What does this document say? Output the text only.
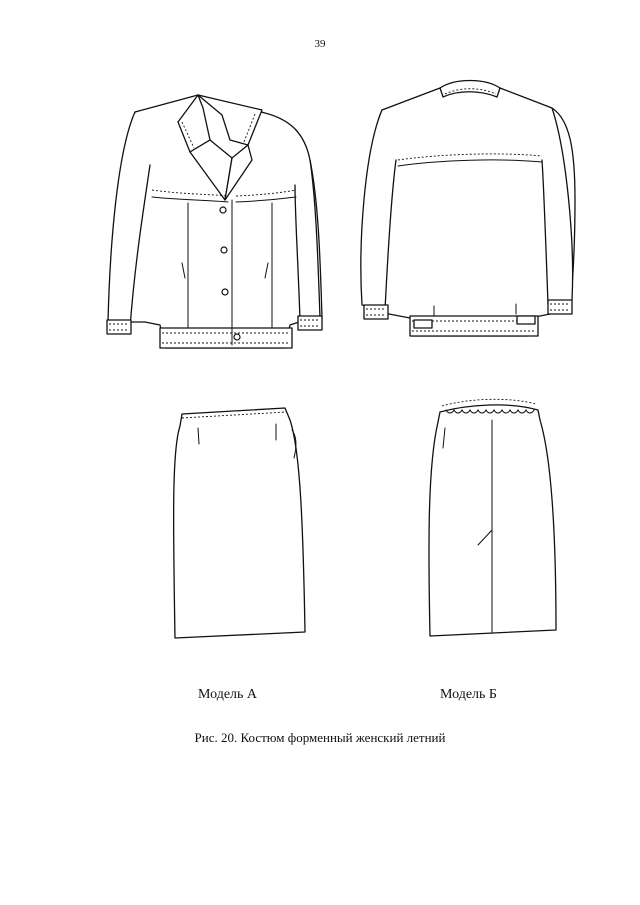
39
Модель А	Модель Б
Рис. 20. Костюм форменный женский летний
